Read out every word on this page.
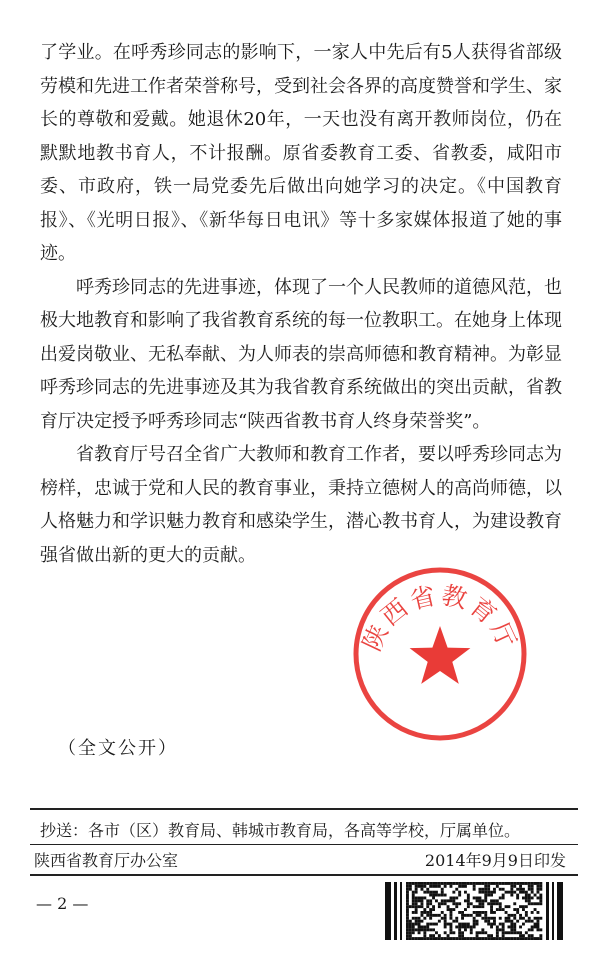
了学业。在呼秀珍同志的影响下，一家人中先后有5人获得省部级劳模和先进工作者荣誉称号，受到社会各界的高度赞誉和学生、家长的尊敬和爱戴。她退休20年，一天也没有离开教师岗位，仍在默默地教书育人，不计报酬。原省委教育工委、省教委，咸阳市委、市政府，铁一局党委先后做出向她学习的决定。《中国教育报》、《光明日报》、《新华每日电讯》等十多家媒体报道了她的事迹。

呼秀珍同志的先进事迹，体现了一个人民教师的道德风范，也极大地教育和影响了我省教育系统的每一位教职工。在她身上体现出爱岗敬业、无私奉献、为人师表的崇高师德和教育精神。为彰显呼秀珍同志的先进事迹及其为我省教育系统做出的突出贡献，省教育厅决定授予呼秀珍同志“陕西省教书育人终身荣誉奖”。

省教育厅号召全省广大教师和教育工作者，要以呼秀珍同志为榜样，忠诚于党和人民的教育事业，秉持立德树人的高尚师德，以人格魅力和学识魅力教育和感染学生，潜心教书育人，为建设教育强省做出新的更大的贡献。

陕西省教育厅
（全文公开）
抄送：各市（区）教育局、韩城市教育局，各高等学校，厅属单位。
陕西省教育厅办公室	2014年9月9日印发
— 2 —
